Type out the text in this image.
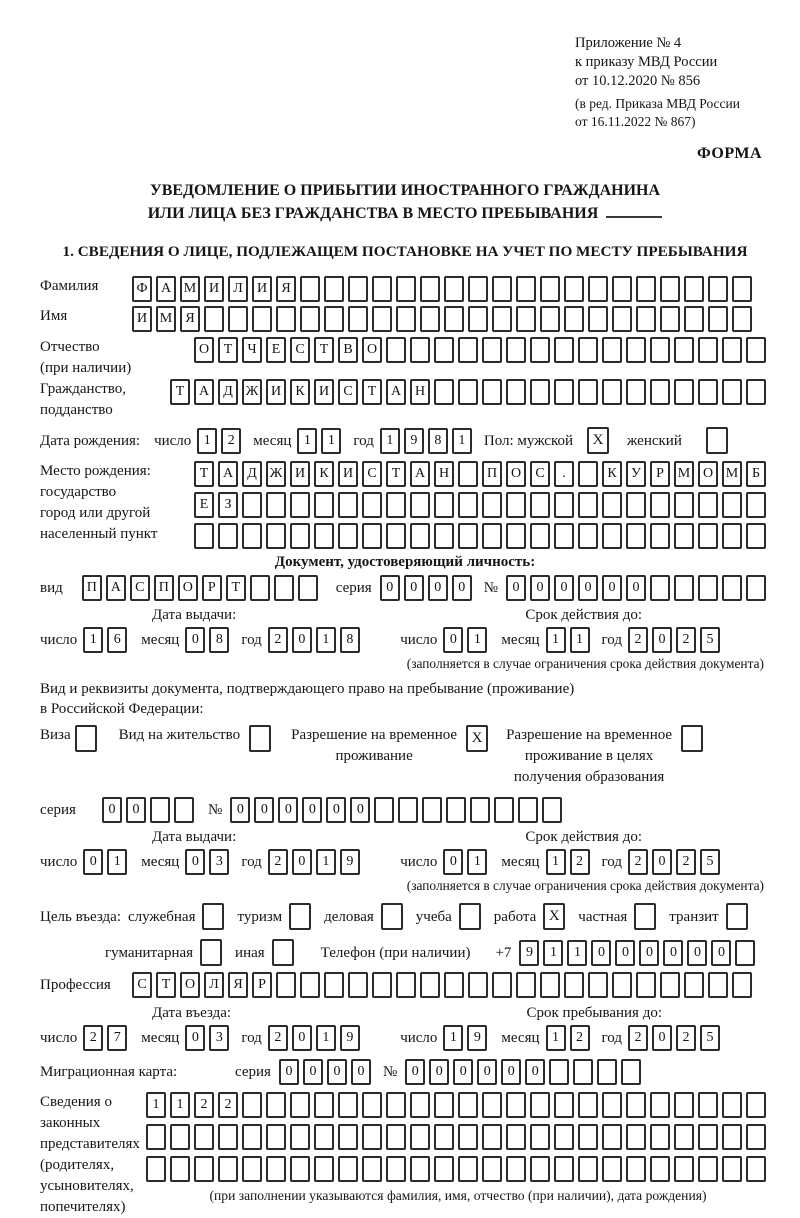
Приложение № 4
к приказу МВД России
от 10.12.2020 № 856
(в ред. Приказа МВД России
от 16.11.2022 № 867)
ФОРМА
УВЕДОМЛЕНИЕ О ПРИБЫТИИ ИНОСТРАННОГО ГРАЖДАНИНА
ИЛИ ЛИЦА БЕЗ ГРАЖДАНСТВА В МЕСТО ПРЕБЫВАНИЯ
1. СВЕДЕНИЯ О ЛИЦЕ, ПОДЛЕЖАЩЕМ ПОСТАНОВКЕ НА УЧЕТ ПО МЕСТУ ПРЕБЫВАНИЯ
Фамилия	Ф А М И	Л	И	Я
Имя	И М Я
Отчество
(при наличии)
О	Т	Ч	Е	С	Т	В	О
Гражданство,
подданство
Т	А	Д Ж И	К	И	С	Т	А Н
Дата рождения: число 1	2	месяц 1	1	год 1	9	8	1	Пол: мужской	X	женский
Место рождения:
государство
город или другой
населенный пункт
Т	А	Д Ж И	К	И	С	Т	А Н	П О	С	.	К	У	Р М О М Б
Е	З
Документ, удостоверяющий личность:
вид	П А	С	П О	Р	Т	серия	0	0	0	0	№	0	0	0	0	0	0
Дата выдачи:	Срок действия до:
число 1	6	месяц 0	8	год 2	0	1	8	число 0	1	месяц 1	1	год 2	0	2	5
(заполняется в случае ограничения срока действия документа)
Вид и реквизиты документа, подтверждающего право на пребывание (проживание)
в Российской Федерации:
Виза	Вид на жительство	Разрешение на временное
проживание
X	Разрешение на временное
проживание в целях
получения образования
серия	0	0	№	0	0	0	0	0	0
Дата выдачи:	Срок действия до:
число 0	1	месяц 0	3	год 2	0	1	9	число 0	1	месяц 1	2	год 2	0	2	5
(заполняется в случае ограничения срока действия документа)
Цель въезда: служебная	туризм	деловая	учеба	работа X	частная	транзит
гуманитарная	иная	Телефон (при наличии) +7	9	1	1	0	0	0	0	0	0
Профессия	С	Т	О	Л	Я	Р
Дата въезда:	Срок пребывания до:
число 2	7	месяц 0	3	год 2	0	1	9	число 1	9	месяц 1	2	год 2	0	2	5
Миграционная карта:	серия	0	0	0	0	№	0	0	0	0	0	0
Сведения о
законных
представителях
(родителях,
усыновителях,
попечителях)
1	1	2	2
(при заполнении указываются фамилия, имя, отчество (при наличии), дата рождения)
